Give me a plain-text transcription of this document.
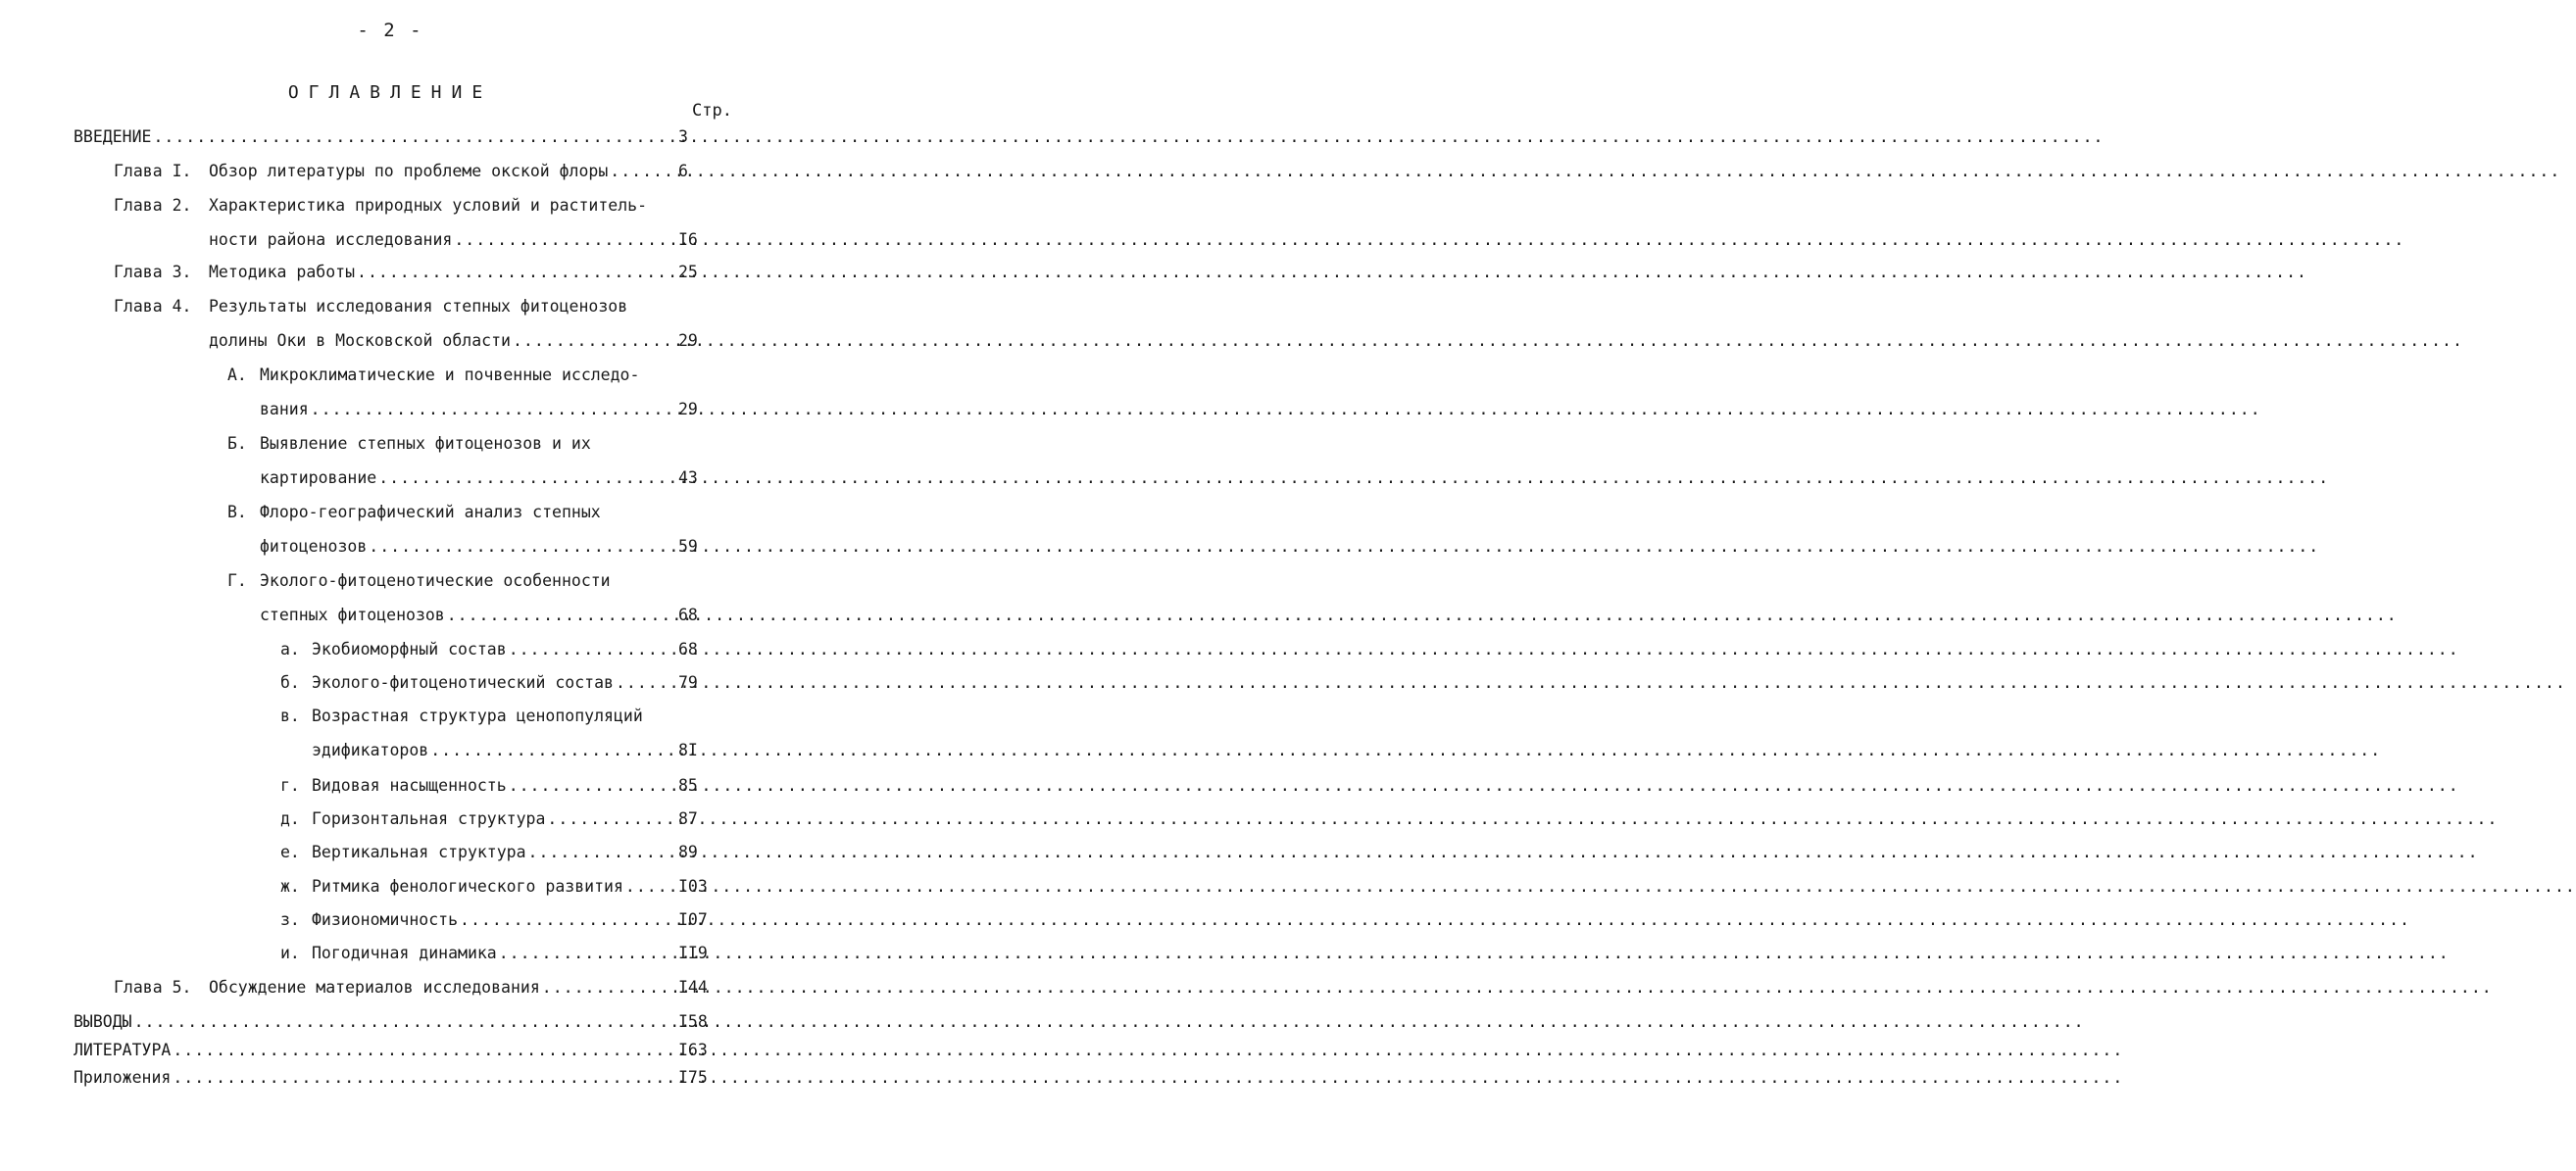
- 2 -
ОГЛАВЛЕНИЕ
Стр.
ВВЕДЕНИЕ .....	3
Глава I. Обзор литературы по проблеме окской флоры .....	6
Глава 2. Характеристика природных условий и раститель-
ности района исследования .....	I6
Глава 3. Методика работы .....	25
Глава 4. Результаты исследования степных фитоценозов
долины Оки в Московской области .....	29
А. Микроклиматические и почвенные исследо-
вания .....	29
Б. Выявление степных фитоценозов и их
картирование .....	43
В. Флоро-географический анализ степных
фитоценозов .....	59
Г. Эколого-фитоценотические особенности
степных фитоценозов .....	68
а. Экобиоморфный состав .....	68
б. Эколого-фитоценотический состав .....	79
в. Возрастная структура ценопопуляций
эдификаторов .....	8I
г. Видовая насыщенность .....	85
д. Горизонтальная структура .....	87
е. Вертикальная структура .....	89
ж. Ритмика фенологического развития .....	I03
з. Физиономичность .....	I07
и. Погодичная динамика .....	II9
Глава 5. Обсуждение материалов исследования .....	I44
ВЫВОДЫ .....	I58
ЛИТЕРАТУРА .....	I63
Приложения .....	I75
